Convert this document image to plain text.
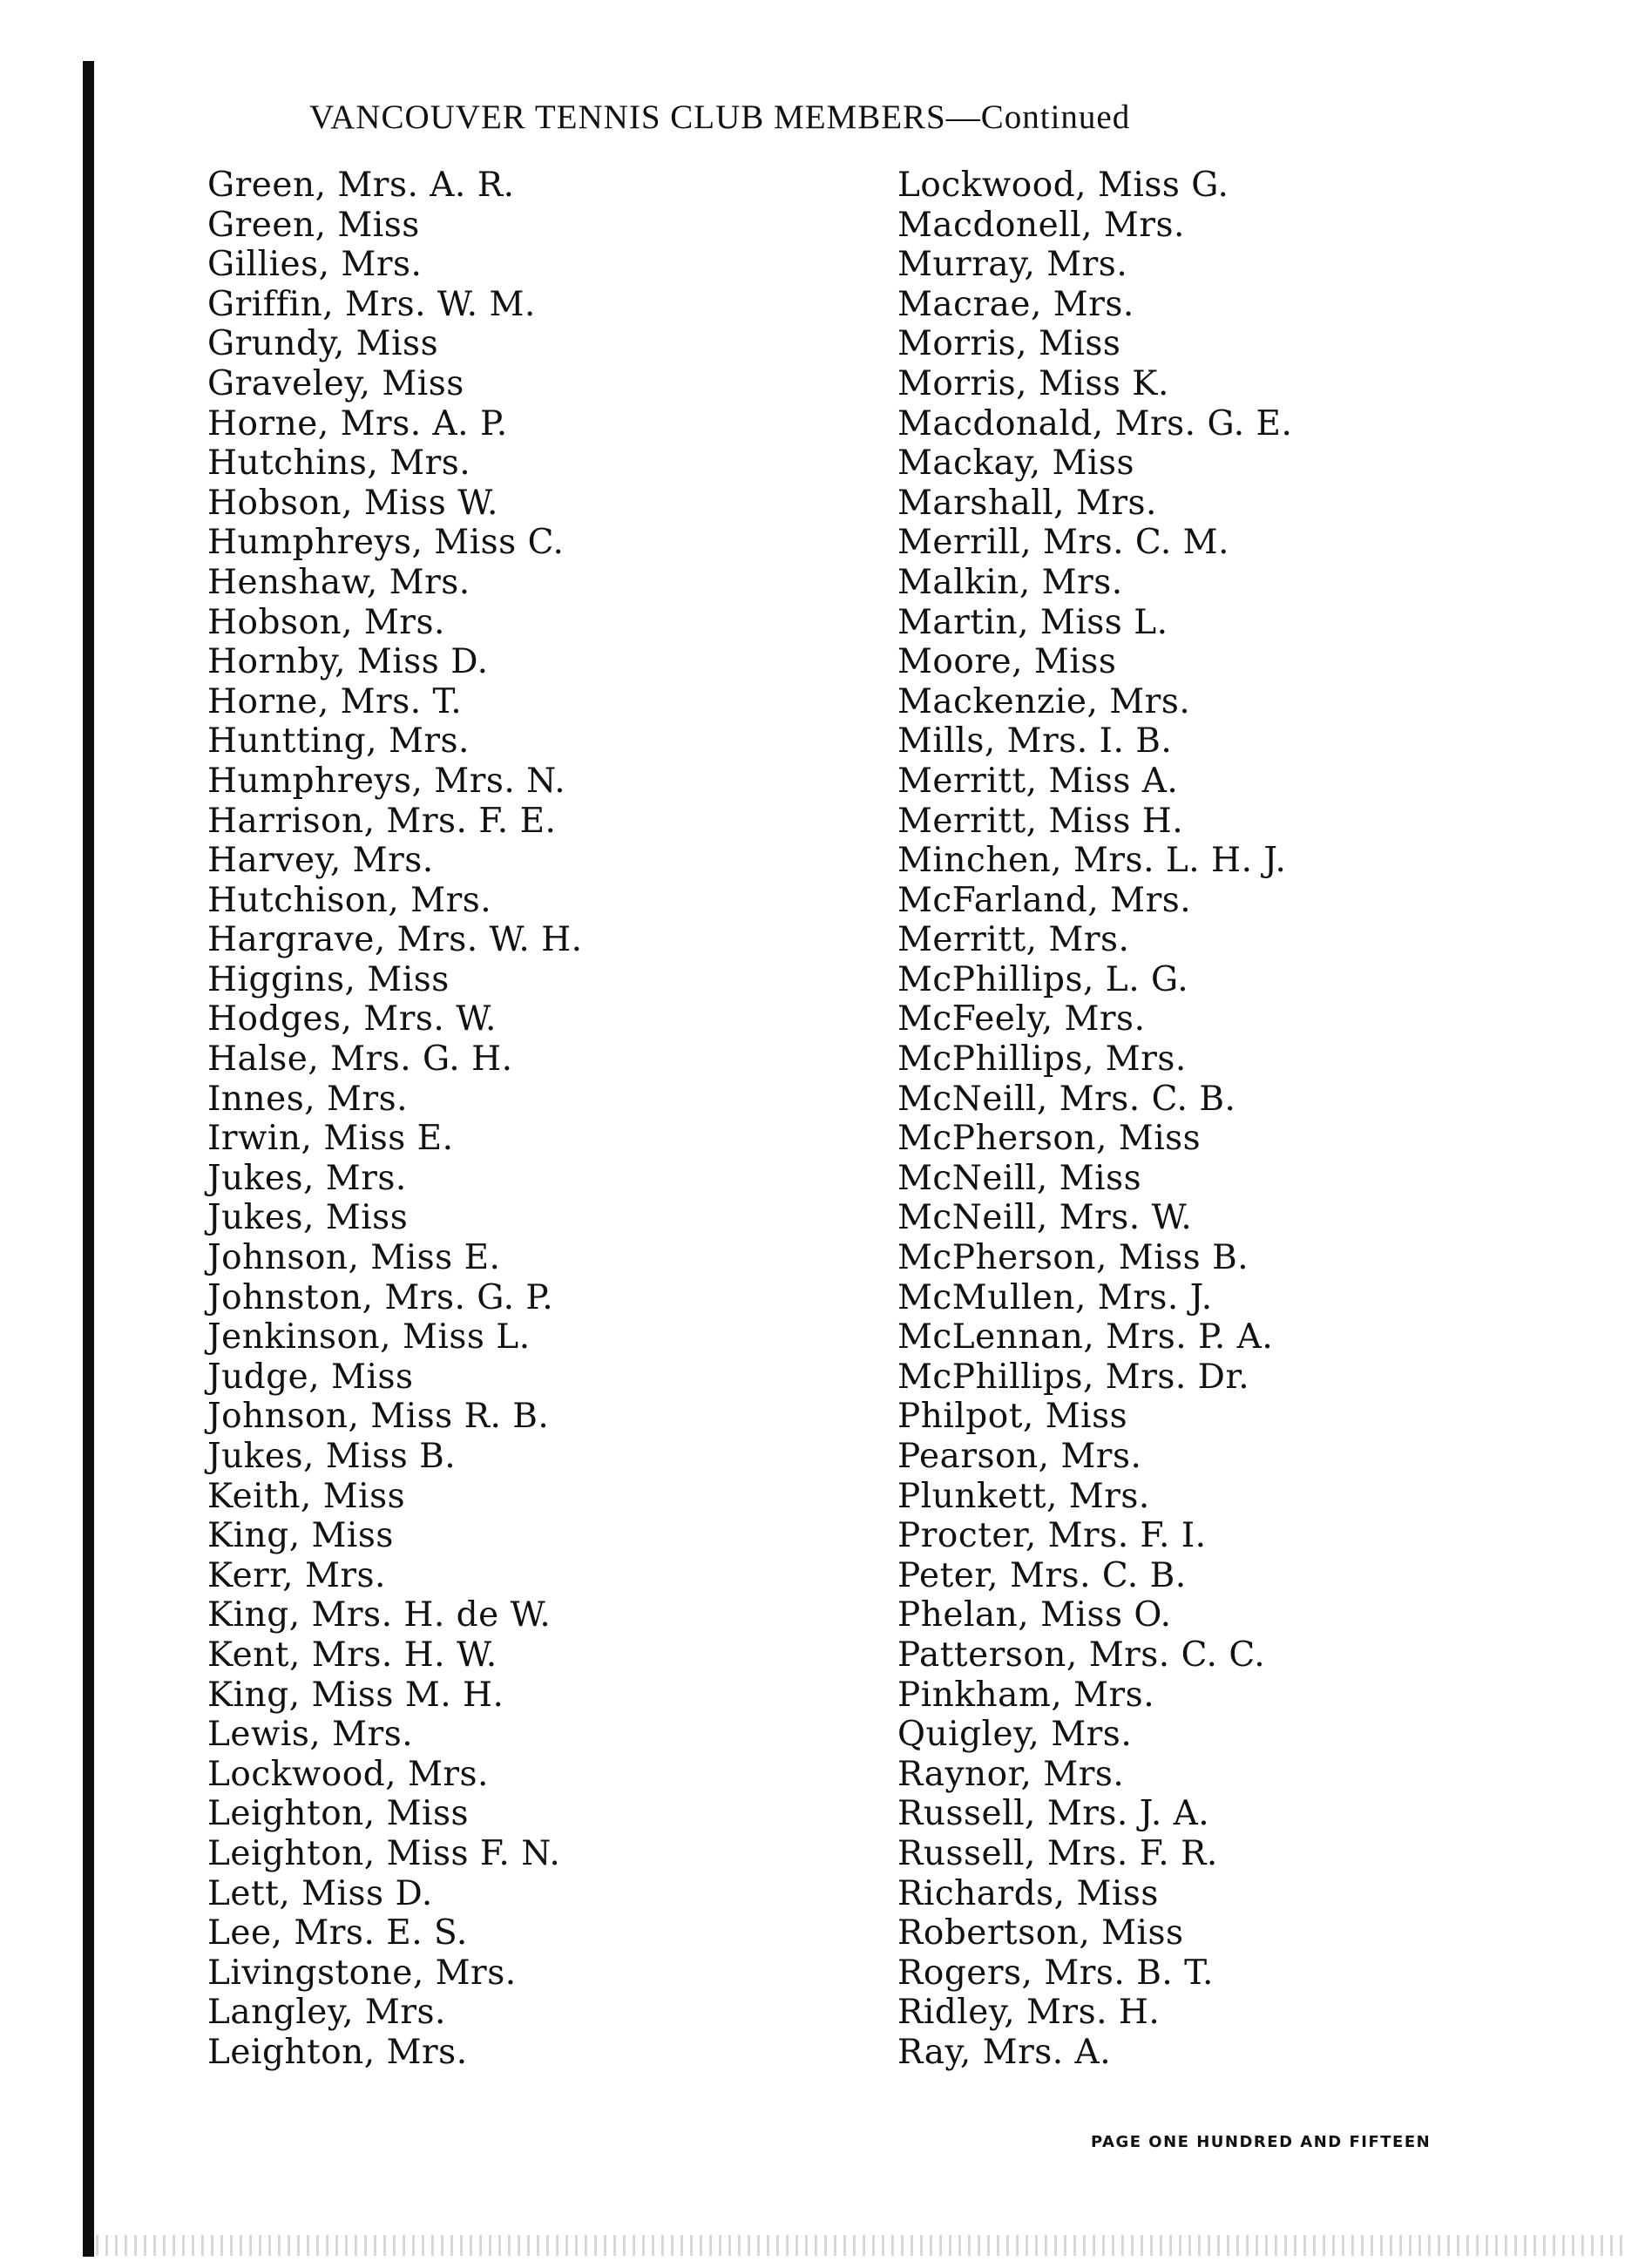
VANCOUVER TENNIS CLUB MEMBERS—Continued
Green, Mrs. A. R.
Green, Miss
Gillies, Mrs.
Griffin, Mrs. W. M.
Grundy, Miss
Graveley, Miss
Horne, Mrs. A. P.
Hutchins, Mrs.
Hobson, Miss W.
Humphreys, Miss C.
Henshaw, Mrs.
Hobson, Mrs.
Hornby, Miss D.
Horne, Mrs. T.
Huntting, Mrs.
Humphreys, Mrs. N.
Harrison, Mrs. F. E.
Harvey, Mrs.
Hutchison, Mrs.
Hargrave, Mrs. W. H.
Higgins, Miss
Hodges, Mrs. W.
Halse, Mrs. G. H.
Innes, Mrs.
Irwin, Miss E.
Jukes, Mrs.
Jukes, Miss
Johnson, Miss E.
Johnston, Mrs. G. P.
Jenkinson, Miss L.
Judge, Miss
Johnson, Miss R. B.
Jukes, Miss B.
Keith, Miss
King, Miss
Kerr, Mrs.
King, Mrs. H. de W.
Kent, Mrs. H. W.
King, Miss M. H.
Lewis, Mrs.
Lockwood, Mrs.
Leighton, Miss
Leighton, Miss F. N.
Lett, Miss D.
Lee, Mrs. E. S.
Livingstone, Mrs.
Langley, Mrs.
Leighton, Mrs.
Lockwood, Miss G.
Macdonell, Mrs.
Murray, Mrs.
Macrae, Mrs.
Morris, Miss
Morris, Miss K.
Macdonald, Mrs. G. E.
Mackay, Miss
Marshall, Mrs.
Merrill, Mrs. C. M.
Malkin, Mrs.
Martin, Miss L.
Moore, Miss
Mackenzie, Mrs.
Mills, Mrs. I. B.
Merritt, Miss A.
Merritt, Miss H.
Minchen, Mrs. L. H. J.
McFarland, Mrs.
Merritt, Mrs.
McPhillips, L. G.
McFeely, Mrs.
McPhillips, Mrs.
McNeill, Mrs. C. B.
McPherson, Miss
McNeill, Miss
McNeill, Mrs. W.
McPherson, Miss B.
McMullen, Mrs. J.
McLennan, Mrs. P. A.
McPhillips, Mrs. Dr.
Philpot, Miss
Pearson, Mrs.
Plunkett, Mrs.
Procter, Mrs. F. I.
Peter, Mrs. C. B.
Phelan, Miss O.
Patterson, Mrs. C. C.
Pinkham, Mrs.
Quigley, Mrs.
Raynor, Mrs.
Russell, Mrs. J. A.
Russell, Mrs. F. R.
Richards, Miss
Robertson, Miss
Rogers, Mrs. B. T.
Ridley, Mrs. H.
Ray, Mrs. A.
PAGE ONE HUNDRED AND FIFTEEN
